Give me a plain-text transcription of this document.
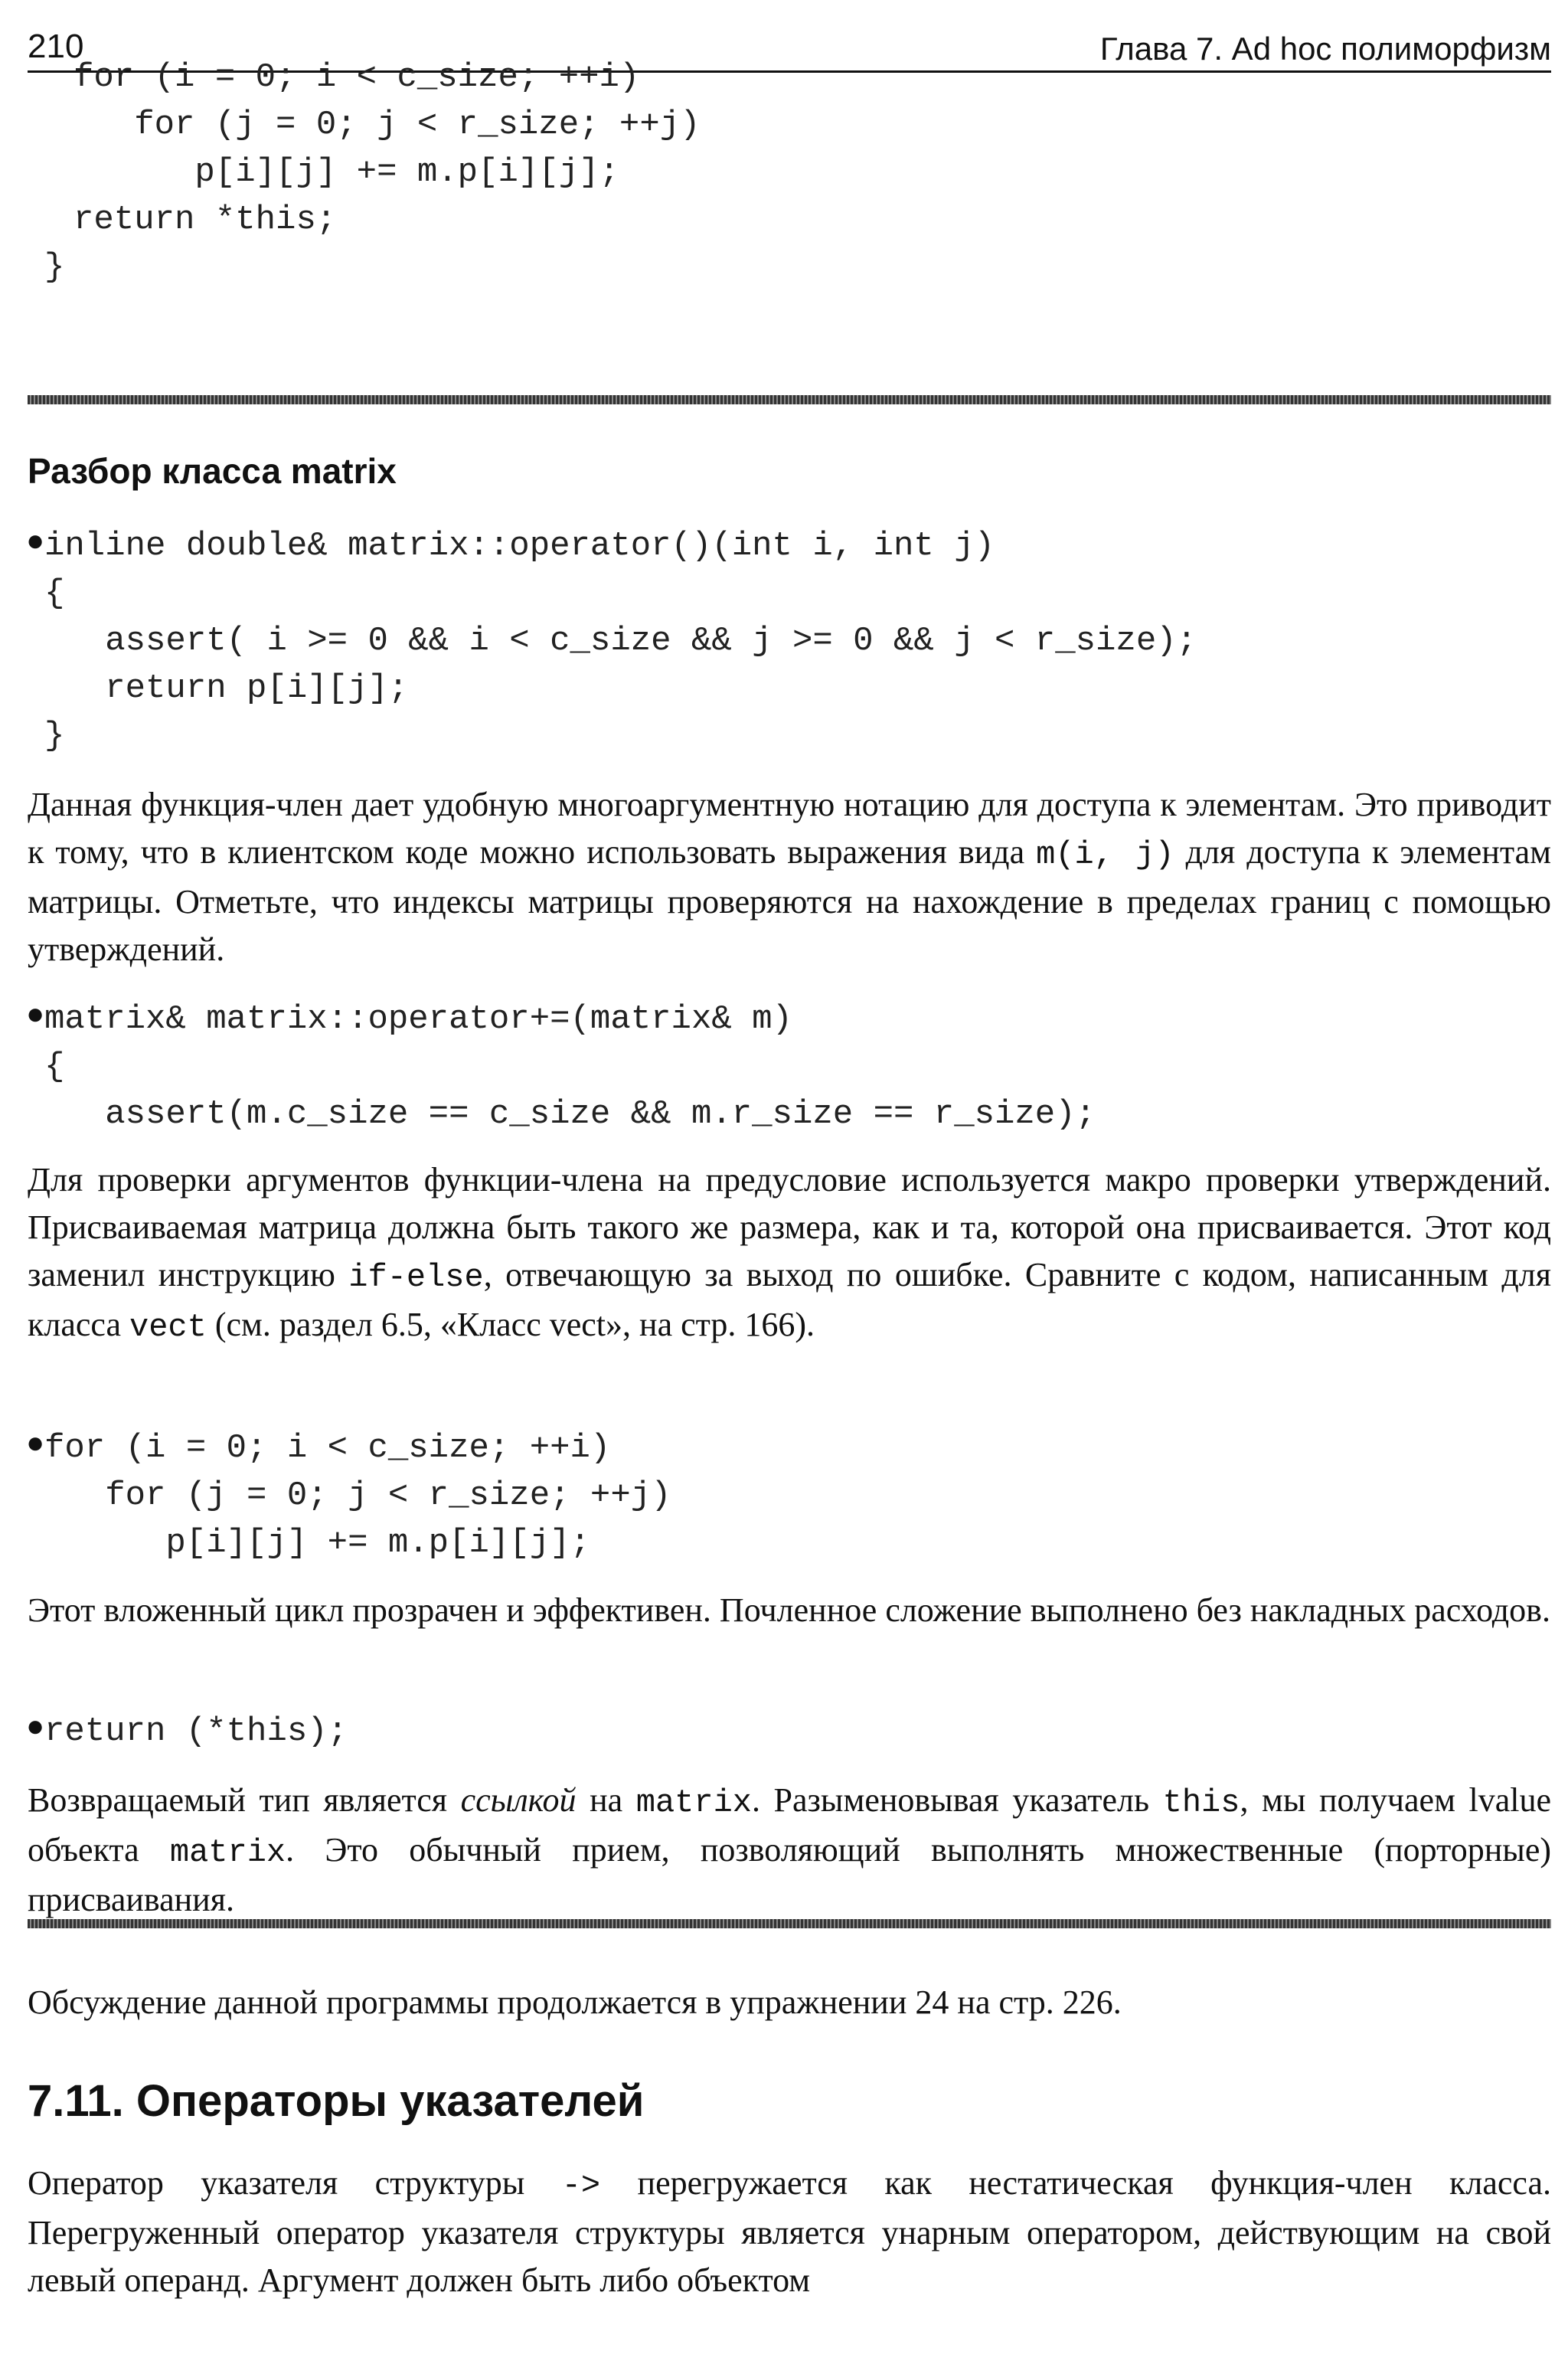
210	Глава 7. Ad hoc полиморфизм
for (i = 0; i < c_size; ++i)
for (j = 0; j < r_size; ++j)
p[i][j] += m.p[i][j];
return *this;
}
Разбор класса matrix
● inline double& matrix::operator()(int i, int j)
{
assert( i >= 0 && i < c_size && j >= 0 && j < r_size);
return p[i][j];
}

Данная функция-член дает удобную многоаргументную нотацию для доступа к элементам. Это приводит к тому, что в клиентском коде можно использовать выражения вида m(i, j) для доступа к элементам матрицы. Отметьте, что индексы матрицы проверяются на нахождение в пределах границ с помощью утверждений.

● matrix& matrix::operator+=(matrix& m)
{
assert(m.c_size == c_size && m.r_size == r_size);

Для проверки аргументов функции-члена на предусловие используется макро проверки утверждений. Присваиваемая матрица должна быть такого же размера, как и та, которой она присваивается. Этот код заменил инструкцию if-else, отвечающую за выход по ошибке. Сравните с кодом, написанным для класса vect (см. раздел 6.5, «Класс vect», на стр. 166).

● for (i = 0; i < c_size; ++i)
for (j = 0; j < r_size; ++j)
p[i][j] += m.p[i][j];

Этот вложенный цикл прозрачен и эффективен. Почленное сложение выполнено без накладных расходов.

● return (*this);

Возвращаемый тип является ссылкой на matrix. Разыменовывая указатель this, мы получаем lvalue объекта matrix. Это обычный прием, позволяющий выполнять множественные (порторные) присваивания.

Обсуждение данной программы продолжается в упражнении 24 на стр. 226.

7.11. Операторы указателей

Оператор указателя структуры -> перегружается как нестатическая функция-член класса. Перегруженный оператор указателя структуры является унарным оператором, действующим на свой левый операнд. Аргумент должен быть либо объектом
